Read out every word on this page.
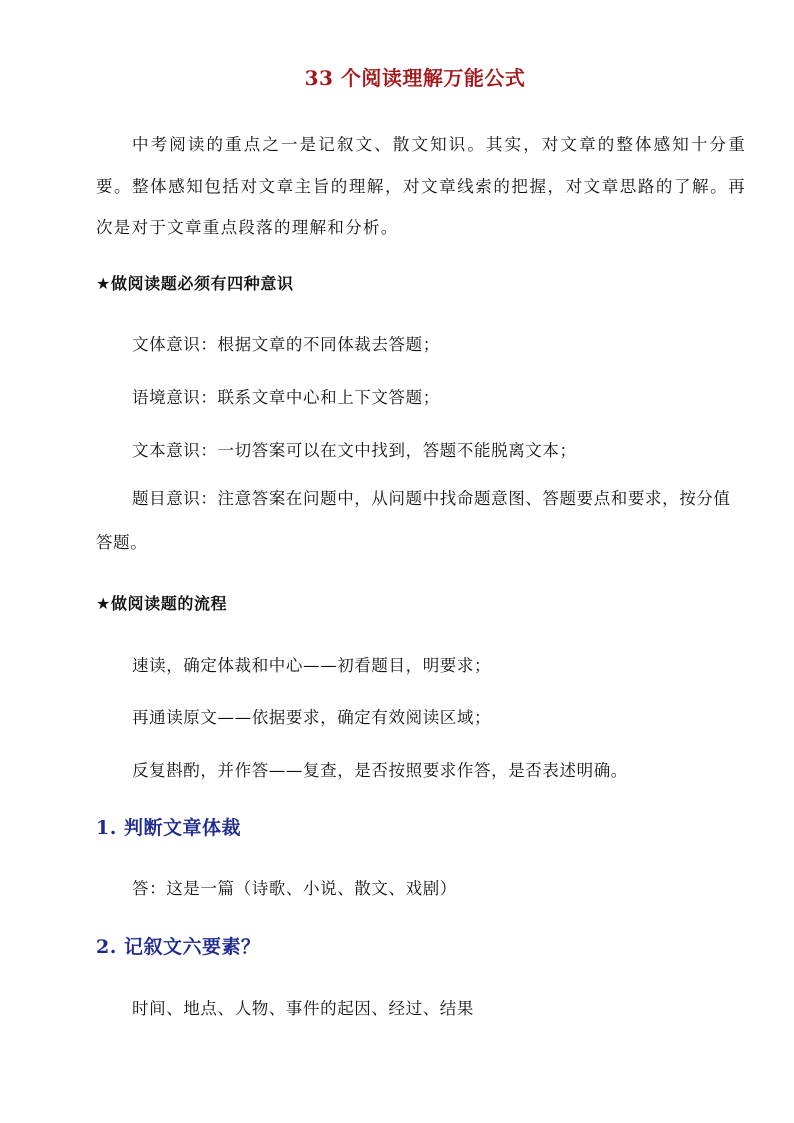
33 个阅读理解万能公式

中考阅读的重点之一是记叙文、散文知识。其实，对文章的整体感知十分重要。整体感知包括对文章主旨的理解，对文章线索的把握，对文章思路的了解。再次是对于文章重点段落的理解和分析。

★做阅读题必须有四种意识
文体意识：根据文章的不同体裁去答题；
语境意识：联系文章中心和上下文答题；
文本意识：一切答案可以在文中找到，答题不能脱离文本；

题目意识：注意答案在问题中，从问题中找命题意图、答题要点和要求，按分值答题。

★做阅读题的流程
速读，确定体裁和中心——初看题目，明要求；
再通读原文——依据要求，确定有效阅读区域；
反复斟酌，并作答——复查，是否按照要求作答，是否表述明确。
1. 判断文章体裁
答：这是一篇（诗歌、小说、散文、戏剧）
2. 记叙文六要素？
时间、地点、人物、事件的起因、经过、结果
